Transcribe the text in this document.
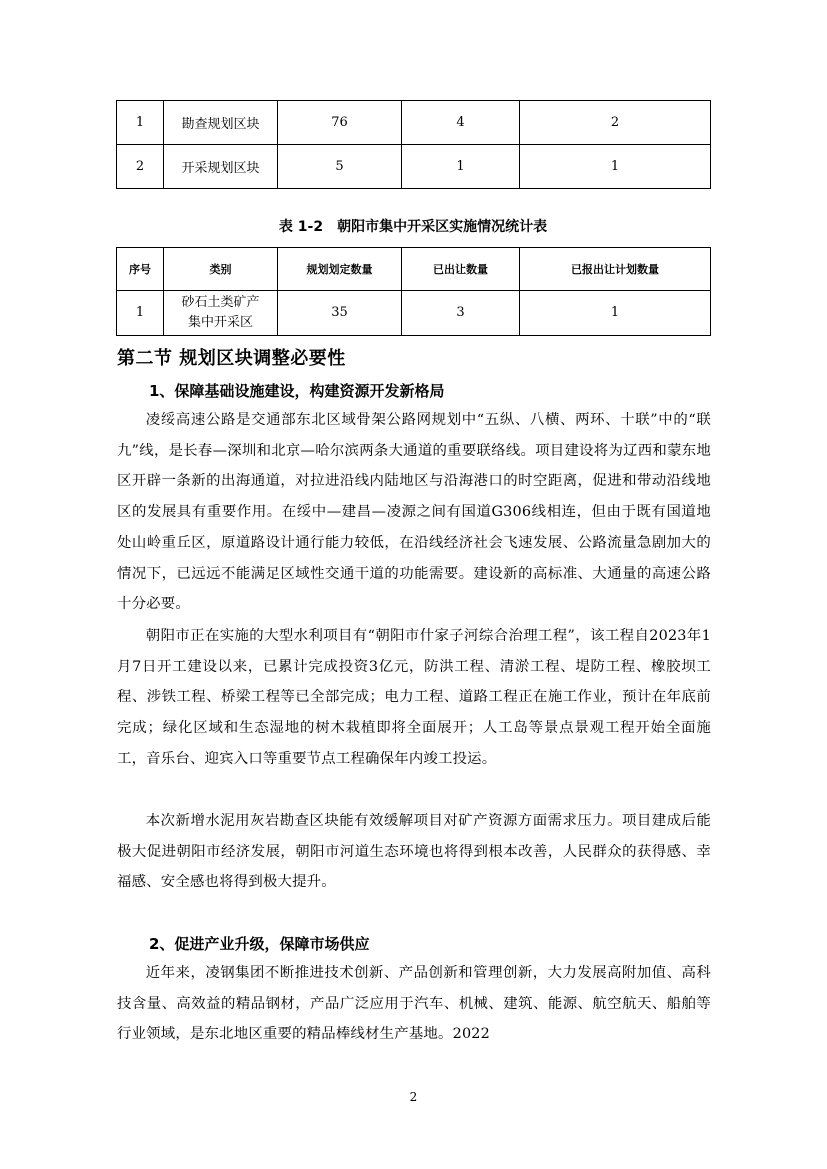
1	勘查规划区块	76	4	2
2	开采规划区块	5	1	1
表 1-2　朝阳市集中开采区实施情况统计表
序号	类别	规划划定数量	已出让数量	已报出让计划数量
1	砂石土类矿产集中开采区	35	3	1
第二节 规划区块调整必要性
1、保障基础设施建设，构建资源开发新格局
凌绥高速公路是交通部东北区域骨架公路网规划中“五纵、八横、两环、十联”中的“联九”线，是长春—深圳和北京—哈尔滨两条大通道的重要联络线。项目建设将为辽西和蒙东地区开辟一条新的出海通道，对拉进沿线内陆地区与沿海港口的时空距离，促进和带动沿线地区的发展具有重要作用。在绥中—建昌—凌源之间有国道G306线相连，但由于既有国道地处山岭重丘区，原道路设计通行能力较低，在沿线经济社会飞速发展、公路流量急剧加大的情况下，已远远不能满足区域性交通干道的功能需要。建设新的高标准、大通量的高速公路十分必要。
朝阳市正在实施的大型水利项目有“朝阳市什家子河综合治理工程”，该工程自2023年1月7日开工建设以来，已累计完成投资3亿元，防洪工程、清淤工程、堤防工程、橡胶坝工程、涉铁工程、桥梁工程等已全部完成；电力工程、道路工程正在施工作业，预计在年底前完成；绿化区域和生态湿地的树木栽植即将全面展开；人工岛等景点景观工程开始全面施工，音乐台、迎宾入口等重要节点工程确保年内竣工投运。
本次新增水泥用灰岩勘查区块能有效缓解项目对矿产资源方面需求压力。项目建成后能极大促进朝阳市经济发展，朝阳市河道生态环境也将得到根本改善，人民群众的获得感、幸福感、安全感也将得到极大提升。
2、促进产业升级，保障市场供应
近年来，凌钢集团不断推进技术创新、产品创新和管理创新，大力发展高附加值、高科技含量、高效益的精品钢材，产品广泛应用于汽车、机械、建筑、能源、航空航天、船舶等行业领域，是东北地区重要的精品棒线材生产基地。2022
2
